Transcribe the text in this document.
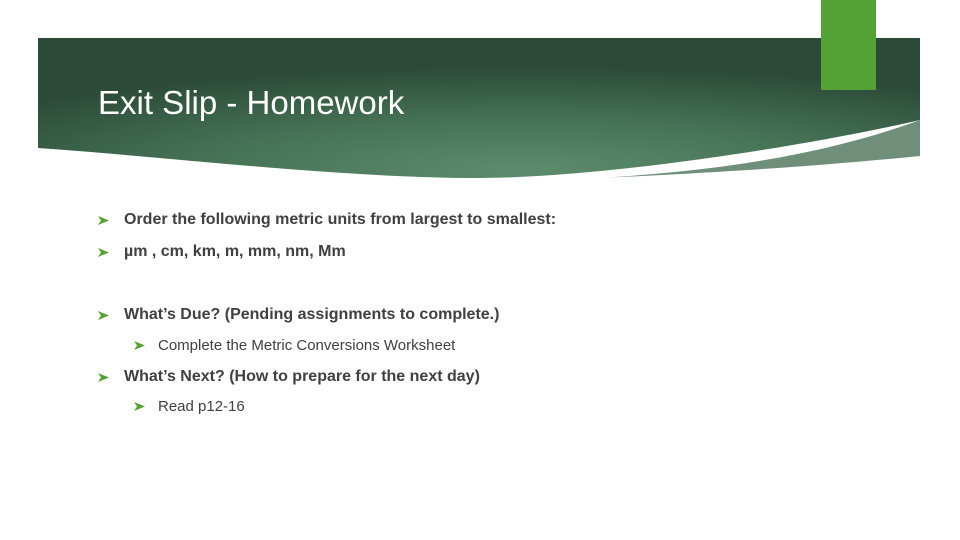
Exit Slip - Homework
Order the following metric units from largest to smallest:
µm , cm, km, m, mm, nm, Mm
What’s Due? (Pending assignments to complete.)
Complete the Metric Conversions Worksheet
What’s Next? (How to prepare for the next day)
Read p12-16
